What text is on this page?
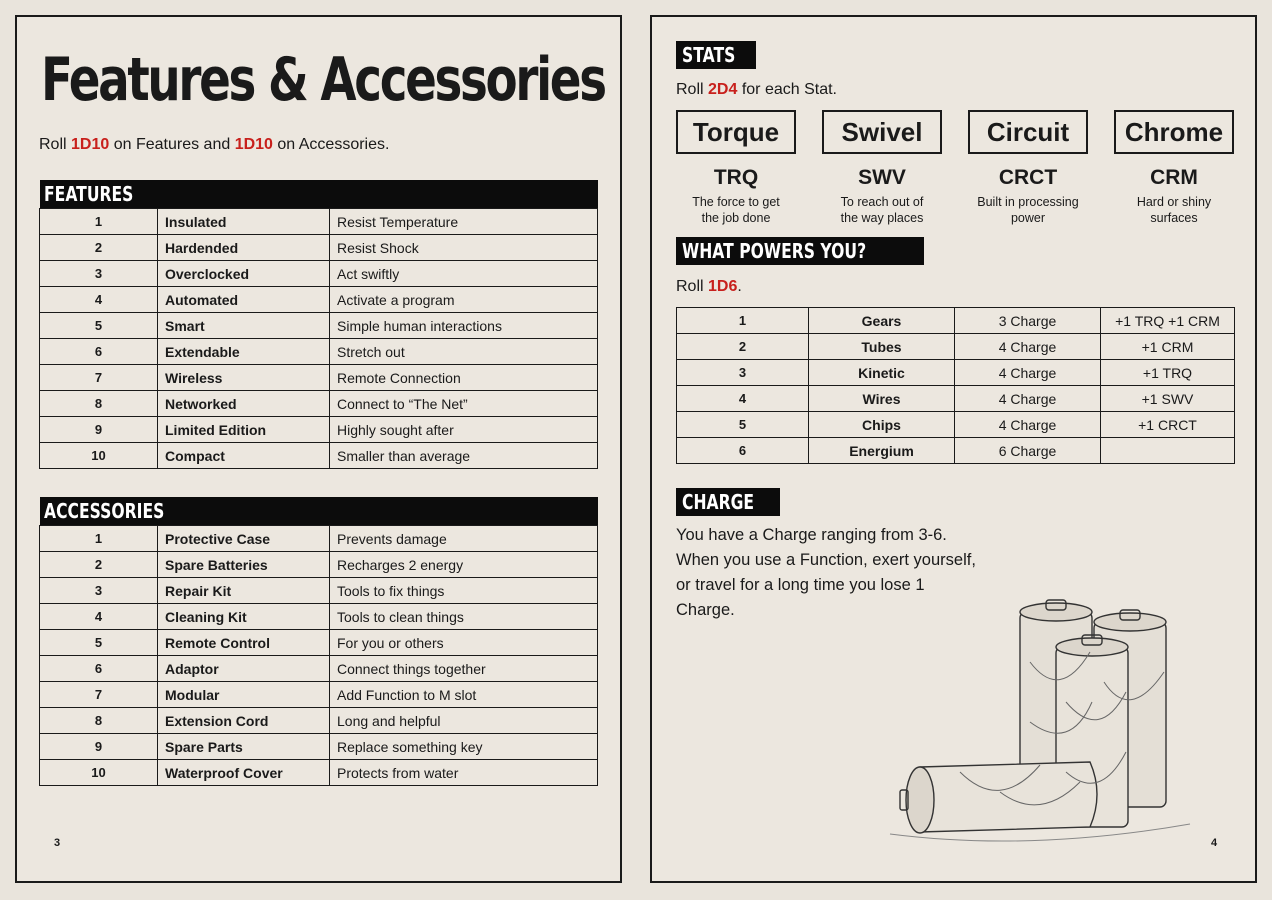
Features & Accessories
Roll 1D10 on Features and 1D10 on Accessories.
FEATURES		
1	Insulated	Resist Temperature
2	Hardended	Resist Shock
3	Overclocked	Act swiftly
4	Automated	Activate a program
5	Smart	Simple human interactions
6	Extendable	Stretch out
7	Wireless	Remote Connection
8	Networked	Connect to “The Net”
9	Limited Edition	Highly sought after
10	Compact	Smaller than average
ACCESSORIES		
1	Protective Case	Prevents damage
2	Spare Batteries	Recharges 2 energy
3	Repair Kit	Tools to fix things
4	Cleaning Kit	Tools to clean things
5	Remote Control	For you or others
6	Adaptor	Connect things together
7	Modular	Add Function to M slot
8	Extension Cord	Long and helpful
9	Spare Parts	Replace something key
10	Waterproof Cover	Protects from water
3
STATS
Roll 2D4 for each Stat.
Torque	Swivel	Circuit	Chrome
TRQ	SWV	CRCT	CRM
The force to get
the job done
To reach out of
the way places
Built in processing
power
Hard or shiny
surfaces
WHAT POWERS YOU?
Roll 1D6.
1	Gears	3 Charge	+1 TRQ +1 CRM
2	Tubes	4 Charge	+1 CRM
3	Kinetic	4 Charge	+1 TRQ
4	Wires	4 Charge	+1 SWV
5	Chips	4 Charge	+1 CRCT
6	Energium	6 Charge	
CHARGE
You have a Charge ranging from 3-6. When you use a Function, exert yourself, or travel for a long time you lose 1 Charge.
4
